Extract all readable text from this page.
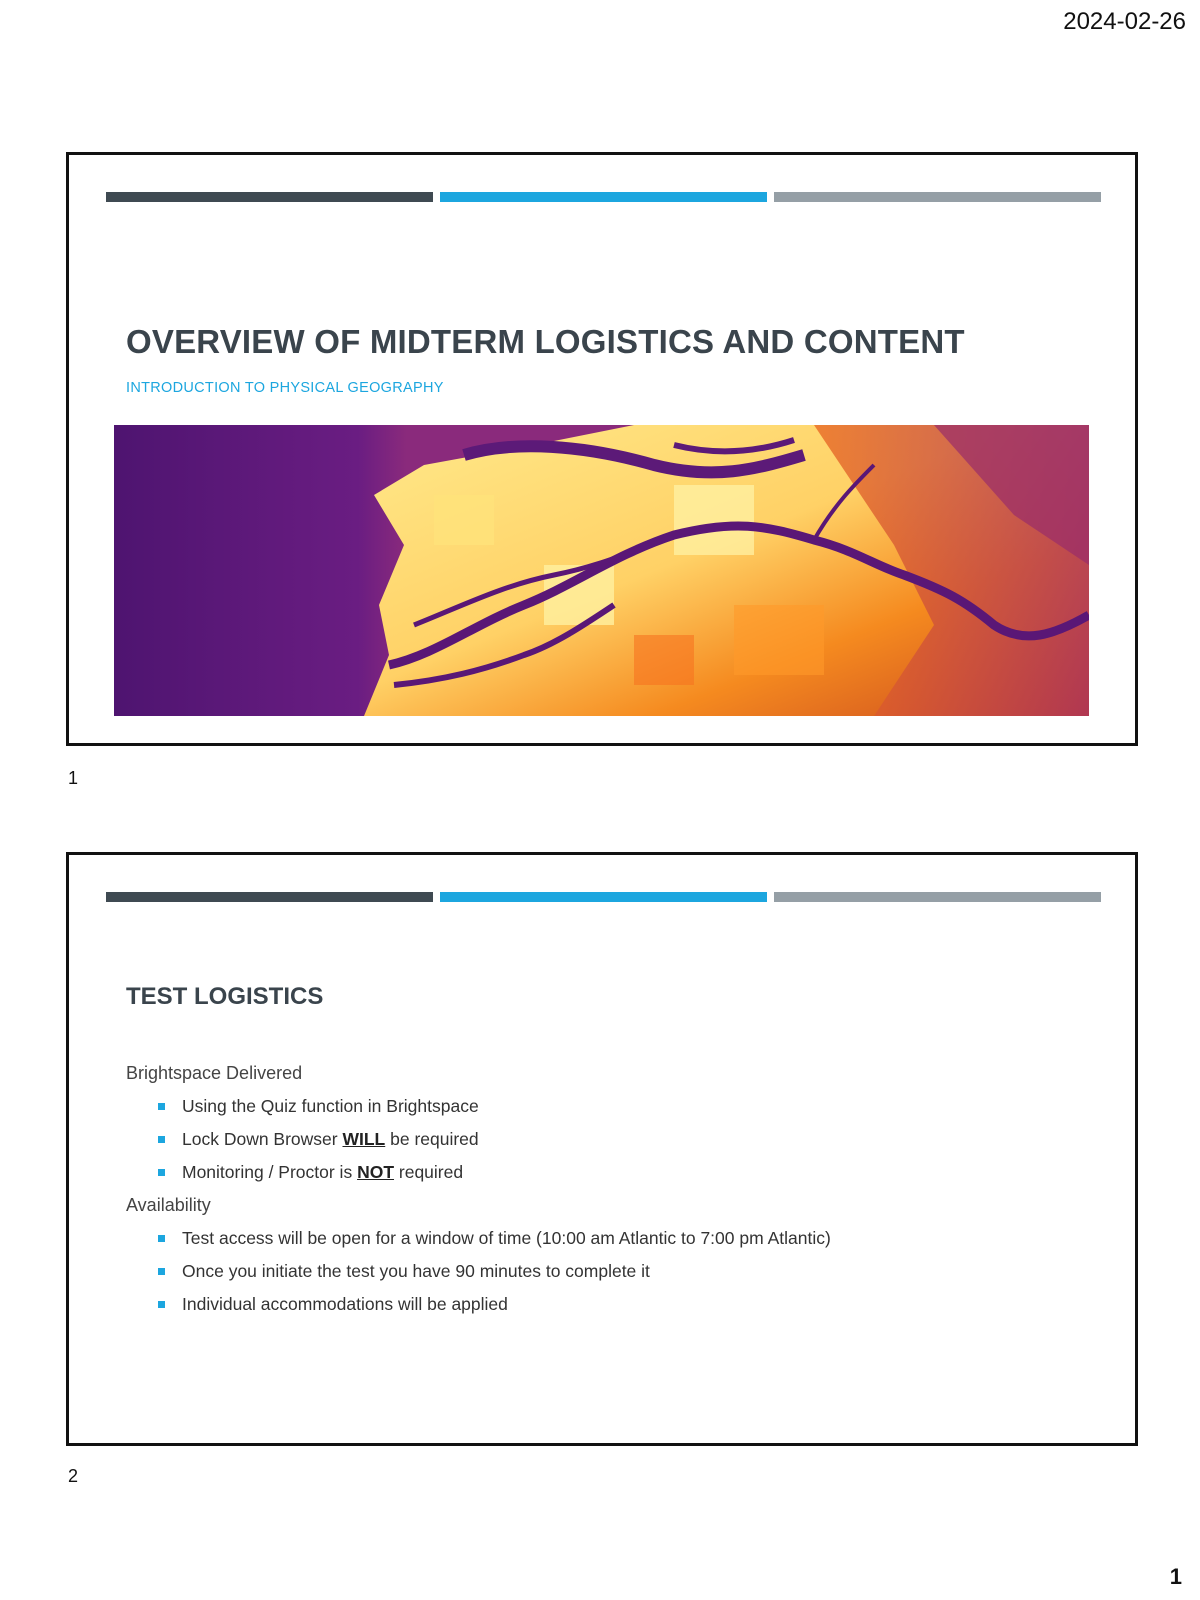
2024-02-26
OVERVIEW OF MIDTERM LOGISTICS AND CONTENT
INTRODUCTION TO PHYSICAL GEOGRAPHY
1
TEST LOGISTICS
Brightspace Delivered
Using the Quiz function in Brightspace
Lock Down Browser WILL be required
Monitoring / Proctor is NOT required
Availability
Test access will be open for a window of time (10:00 am Atlantic to 7:00 pm Atlantic)
Once you initiate the test you have 90 minutes to complete it
Individual accommodations will be applied
2
1
